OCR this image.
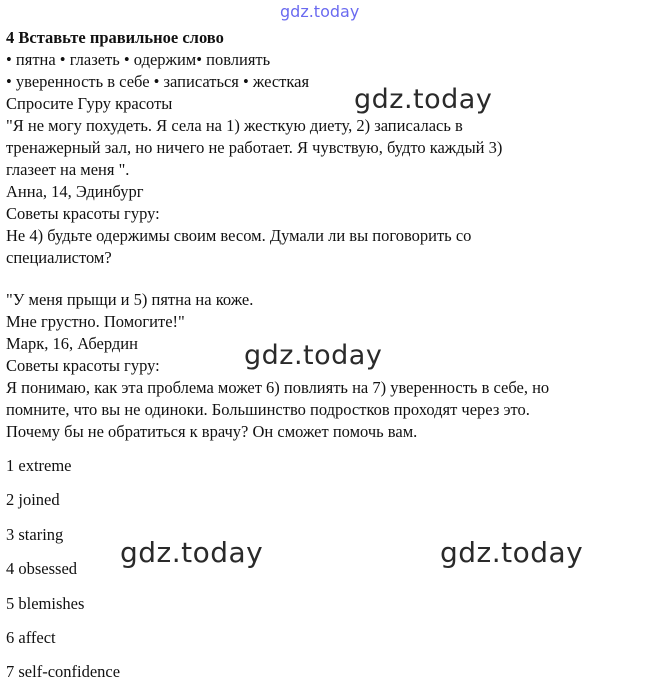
gdz.today
4 Вставьте правильное слово
• пятна • глазеть • одержим• повлиять
• уверенность в себе • записаться • жесткая
Спросите Гуру красоты
"Я не могу похудеть. Я села на 1) жесткую диету, 2) записалась в
тренажерный зал, но ничего не работает. Я чувствую, будто каждый 3)
глазеет на меня ".
Анна, 14, Эдинбург
Советы красоты гуру:
Не 4) будьте одержимы своим весом. Думали ли вы поговорить со
специалистом?
"У меня прыщи и 5) пятна на коже.
Мне грустно. Помогите!"
Марк, 16, Абердин
Советы красоты гуру:
Я понимаю, как эта проблема может 6) повлиять на 7) уверенность в себе, но
помните, что вы не одиноки. Большинство подростков проходят через это.
Почему бы не обратиться к врачу? Он сможет помочь вам.
1 extreme
2 joined
3 staring
4 obsessed
5 blemishes
6 affect
7 self-confidence
gdz.today
gdz.today
gdz.today	gdz.today
